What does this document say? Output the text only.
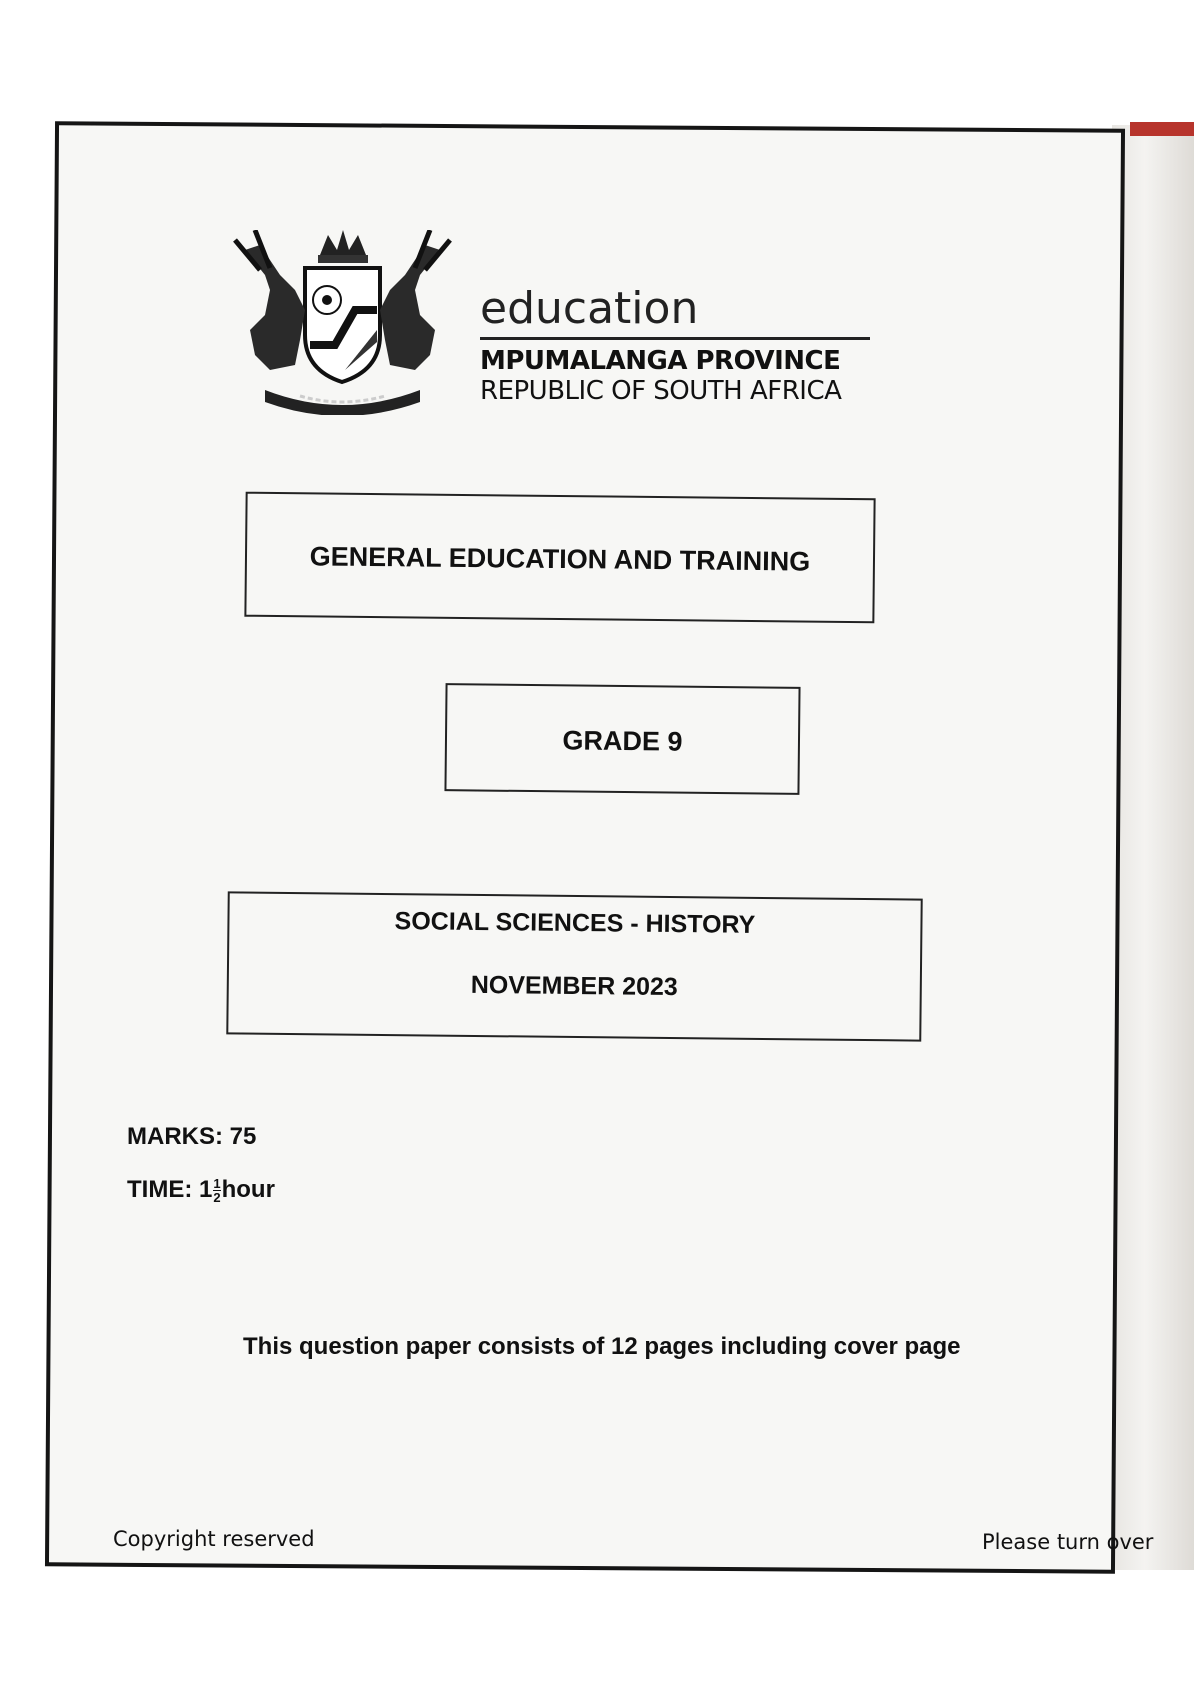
education
MPUMALANGA PROVINCE
REPUBLIC OF SOUTH AFRICA
GENERAL EDUCATION AND TRAINING
GRADE 9
SOCIAL SCIENCES - HISTORY
NOVEMBER 2023
MARKS: 75
TIME: $1 \frac{1}{2}$ hour
This question paper consists of 12 pages including cover page
Copyright reserved	Please turn over
